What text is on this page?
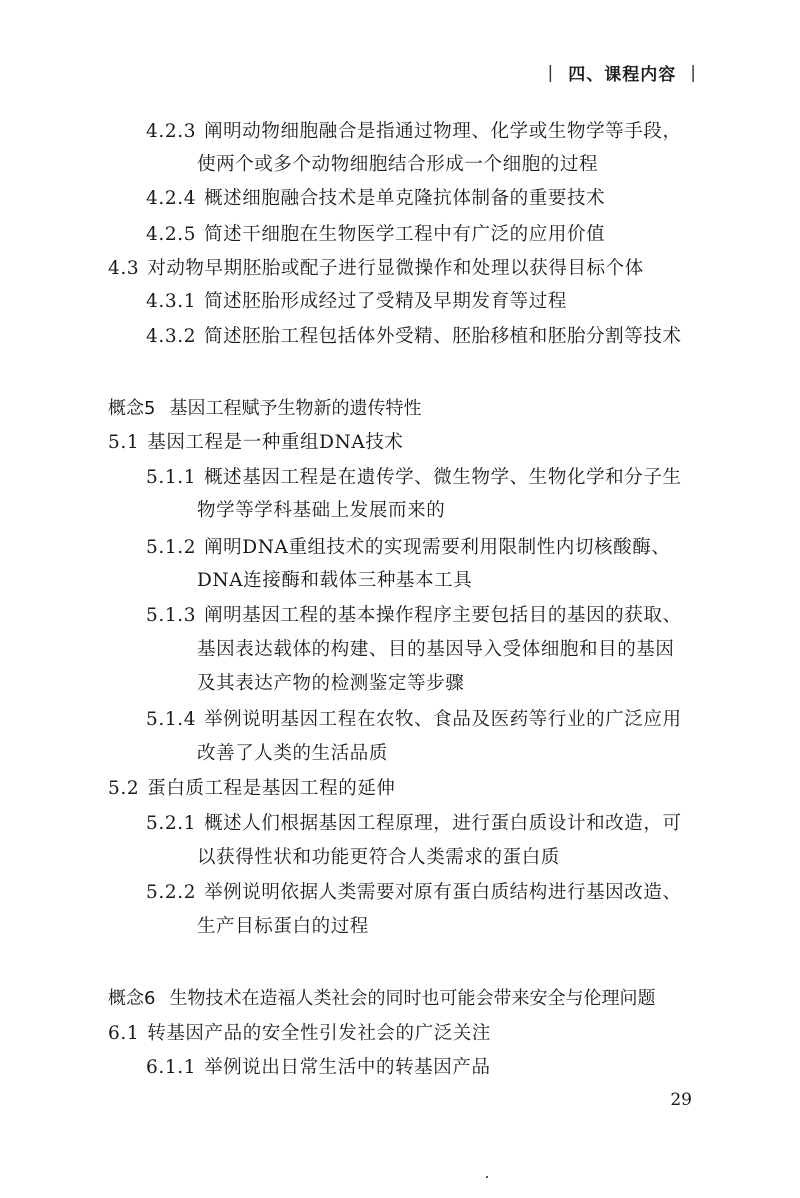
| 四、课程内容 |
4.2.3 阐明动物细胞融合是指通过物理、化学或生物学等手段，
使两个或多个动物细胞结合形成一个细胞的过程
4.2.4 概述细胞融合技术是单克隆抗体制备的重要技术
4.2.5 简述干细胞在生物医学工程中有广泛的应用价值
4.3 对动物早期胚胎或配子进行显微操作和处理以获得目标个体
4.3.1 简述胚胎形成经过了受精及早期发育等过程
4.3.2 简述胚胎工程包括体外受精、胚胎移植和胚胎分割等技术
概念5 基因工程赋予生物新的遗传特性
5.1 基因工程是一种重组DNA技术
5.1.1 概述基因工程是在遗传学、微生物学、生物化学和分子生
物学等学科基础上发展而来的
5.1.2 阐明DNA重组技术的实现需要利用限制性内切核酸酶、
DNA连接酶和载体三种基本工具
5.1.3 阐明基因工程的基本操作程序主要包括目的基因的获取、
基因表达载体的构建、目的基因导入受体细胞和目的基因
及其表达产物的检测鉴定等步骤
5.1.4 举例说明基因工程在农牧、食品及医药等行业的广泛应用
改善了人类的生活品质
5.2 蛋白质工程是基因工程的延伸
5.2.1 概述人们根据基因工程原理，进行蛋白质设计和改造，可
以获得性状和功能更符合人类需求的蛋白质
5.2.2 举例说明依据人类需要对原有蛋白质结构进行基因改造、
生产目标蛋白的过程
概念6 生物技术在造福人类社会的同时也可能会带来安全与伦理问题
6.1 转基因产品的安全性引发社会的广泛关注
6.1.1 举例说出日常生活中的转基因产品
29
